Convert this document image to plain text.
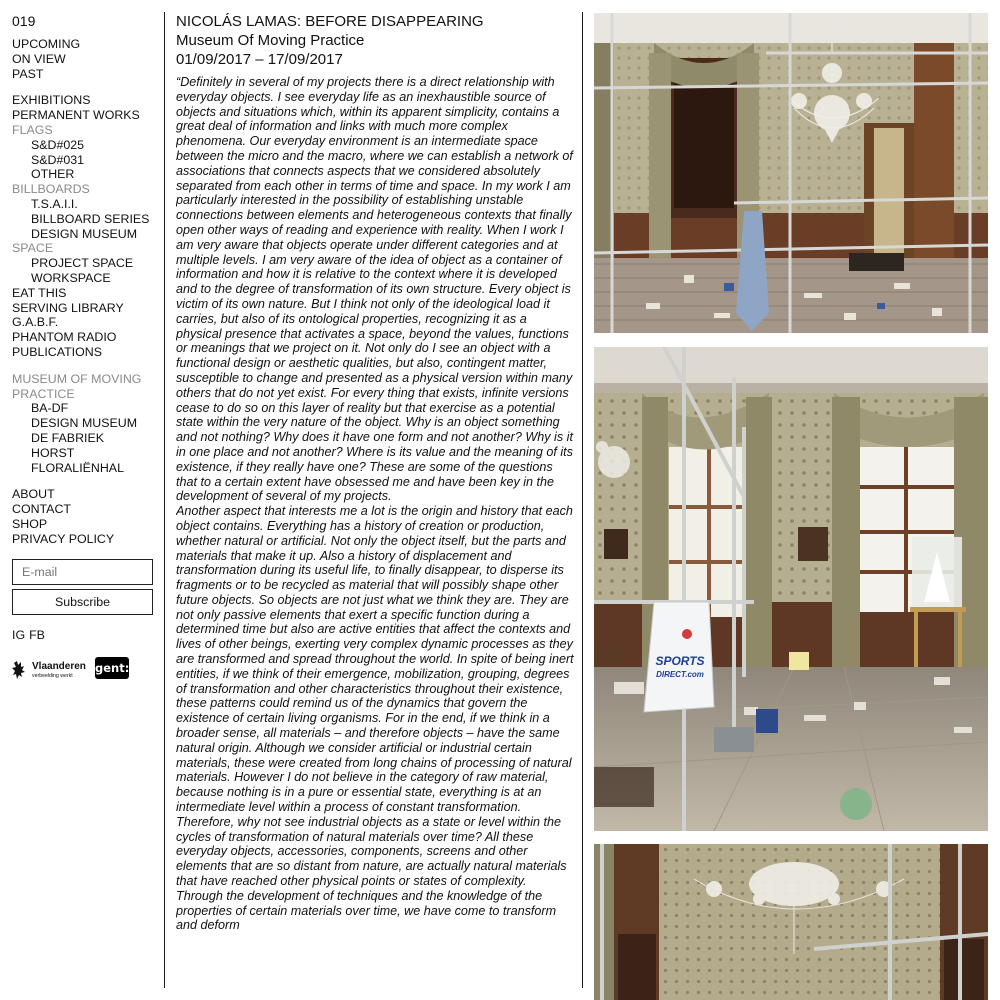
019
UPCOMING
ON VIEW
PAST
EXHIBITIONS
PERMANENT WORKS
FLAGS
S&D#025
S&D#031
OTHER
BILLBOARDS
T.S.A.I.I.
BILLBOARD SERIES
DESIGN MUSEUM
SPACE
PROJECT SPACE
WORKSPACE
EAT THIS
SERVING LIBRARY
G.A.B.F.
PHANTOM RADIO
PUBLICATIONS
MUSEUM OF MOVING PRACTICE
BA-DF
DESIGN MUSEUM
DE FABRIEK
HORST
FLORALIËNHAL
ABOUT
CONTACT
SHOP
PRIVACY POLICY
E-mail
Subscribe
IG FB
Vlaanderen
verbeelding werkt
gent:
NICOLÁS LAMAS: BEFORE DISAPPEARING
Museum Of Moving Practice
01/09/2017 – 17/09/2017

“Definitely in several of my projects there is a direct relationship with everyday objects. I see everyday life as an inexhaustible source of objects and situations which, within its apparent simplicity, contains a great deal of information and links with much more complex phenomena. Our everyday environment is an intermediate space between the micro and the macro, where we can establish a network of associations that connects aspects that we considered absolutely separated from each other in terms of time and space. In my work I am particularly interested in the possibility of establishing unstable connections between elements and heterogeneous contexts that finally open other ways of reading and experience with reality. When I work I am very aware that objects operate under different categories and at multiple levels. I am very aware of the idea of object as a container of information and how it is relative to the context where it is developed and to the degree of transformation of its own structure. Every object is victim of its own nature. But I think not only of the ideological load it carries, but also of its ontological properties, recognizing it as a physical presence that activates a space, beyond the values, functions or meanings that we project on it. Not only do I see an object with a functional design or aesthetic qualities, but also, contingent matter, susceptible to change and presented as a physical version within many others that do not yet exist. For every thing that exists, infinite versions cease to do so on this layer of reality but that exercise as a potential state within the very nature of the object. Why is an object something and not nothing? Why does it have one form and not another? Why is it in one place and not another? Where is its value and the meaning of its existence, if they really have one? These are some of the questions that to a certain extent have obsessed me and have been key in the development of several of my projects.

Another aspect that interests me a lot is the origin and history that each object contains. Everything has a history of creation or production, whether natural or artificial. Not only the object itself, but the parts and materials that make it up. Also a history of displacement and transformation during its useful life, to finally disappear, to disperse its fragments or to be recycled as material that will possibly shape other future objects. So objects are not just what we think they are. They are not only passive elements that exert a specific function during a determined time but also are active entities that affect the contexts and lives of other beings, exerting very complex dynamic processes as they are transformed and spread throughout the world. In spite of being inert entities, if we think of their emergence, mobilization, grouping, degrees of transformation and other characteristics throughout their existence, these patterns could remind us of the dynamics that govern the existence of certain living organisms. For in the end, if we think in a broader sense, all materials – and therefore objects – have the same natural origin. Although we consider artificial or industrial certain materials, these were created from long chains of processing of natural materials. However I do not believe in the category of raw material, because nothing is in a pure or essential state, everything is at an intermediate level within a process of constant transformation. Therefore, why not see industrial objects as a state or level within the cycles of transformation of natural materials over time? All these everyday objects, accessories, components, screens and other elements that are so distant from nature, are actually natural materials that have reached other physical points or states of complexity. Through the development of techniques and the knowledge of the properties of certain materials over time, we have come to transform and deform

SPORTS
DIRECT.com
